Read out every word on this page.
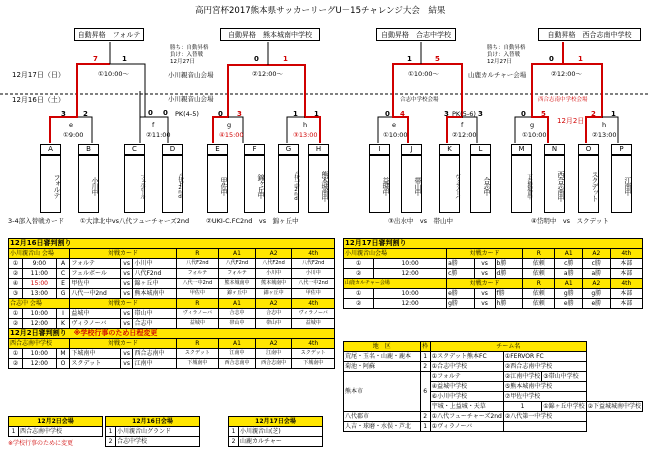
高円宮杯2017熊本県サッカーリーグU－15チャレンジ大会　結果
自動昇格　フォルテ	自動昇格　熊本城南中学校	自動昇格　合志中学校	自動昇格　西合志南中学校
勝ち：自動昇格
負け：入替戦
12月27日
勝ち：自動昇格
負け：入替戦
12月27日
12月17日（日）
12月16日（土）
小川親音山会場
小川親音山会場
山鹿カルチャー会場
合志中学校会場	西合志南中学校会場
①10:00～	②12:00～	①10:00～	②12:00～
7	1	0	1	1	5	0	1
e
①9:00
3 2
f
②11:00
PK(4-5)
0 0
g
④15:00
0 3
h
③13:00
1 1
e
①10:00
0 4
f
②12:00
PK(5-6)
3	3
g
①10:00
0 5
12月2日	h
②13:00
2 1
A
フォルテ
B
小川中
C
フェルボール
D
八代Ｆ2nd
E
甲佐中
F
錦ヶ丘中
G
八代一中2nd
H
熊本城南中
I
益城中
J
帯山中
K
ヴィラノーバ
L
合志中
M
下益城城南中
N
西合志南中
O
スクデット
P
江南中
3-4部入替戦カード ①大津北中vs八代フューチャーズ2nd	②UKI-C.FC2nd　vs　錦ヶ丘中	③出水中　vs　帯山中	④岱明中　vs　スクデット
12月16日審判割り									
小川親音山 会場			対戦カード			R	A1	A2	4th
①	9:00	A	フォルテ	vs	小川中	八代F2nd	八代F2nd	八代F2nd	八代F2nd
②	11:00	C	フェルボール	vs	八代F2nd	フォルテ	フォルテ	小川中	小川中
④	15:00	E	甲佐中	vs	錦ヶ丘中	八代一中2nd	熊本城南中	熊本城南中	八代一中2nd
③	13:00	G	八代一中2nd	vs	熊本城南中	甲佐中	錦ヶ丘中	錦ヶ丘中	甲佐中
合志中 会場			対戦カード			R	A1	A2	4th
①	10:00	I	益城中	vs	帯山中	ヴィラノーバ	合志中	合志中	ヴィラノーバ
②	12:00	K	ヴィラノーバ	vs	合志中	益城中	帯山中	帯山中	益城中
12月2日審判割り　 ※学校行事のため日程変更									
西合志南中学校			対戦カード			R	A1	A2	4th
①	10:00	M	下城南中	vs	西合志南中	スクデット	江南中	江南中	スクデット
②	12:00	O	スクデット	vs	江南中	下城南中	西合志南中	西合志南中	下城南中
12月17日審判割り								
小川親音山会場		対戦カード			R	A1	A2	4th
①	10:00	a勝	vs	b勝	依頼	c勝	c勝	本部
②	12:00	c勝	vs	d勝	依頼	a勝	a勝	本部
山鹿カルチャー会場		対戦カード			R	A1	A2	4th
①	10:00	e勝	vs	f勝	依頼	g勝	g勝	本部
②	12:00	g勝	vs	h勝	依頼	e勝	e勝	本部
地　区	枠	チーム名			
荒尾・玉名・山鹿・鹿本	1	①スクデット熊本FC	①FERVOR FC		
菊池・阿蘇	2	①合志中学校	②西合志南中学校		
熊本市	6	①フォルテ	②江南中学校	③帯山中学校	
		④益城中学校	⑤熊本城南中学校		
		⑥小川中学校	⑦甲佐中学校		
		宇城・上益城・天草	1	①錦ヶ丘中学校	②下益城城南中学校
八代郡市	2	①八代フューチャーズ2nd	②八代第一中学校		
人吉・球磨・水俣・芦北	1	①ヴィラノーバ			
12月2日会場
1	西合志南中学校
※学校行事のために変更
12月16日会場	
1	小川親音山グランド
2	合志中学校
12月17日会場	
1	小川親音山(芝)
2	山鹿カルチャー
